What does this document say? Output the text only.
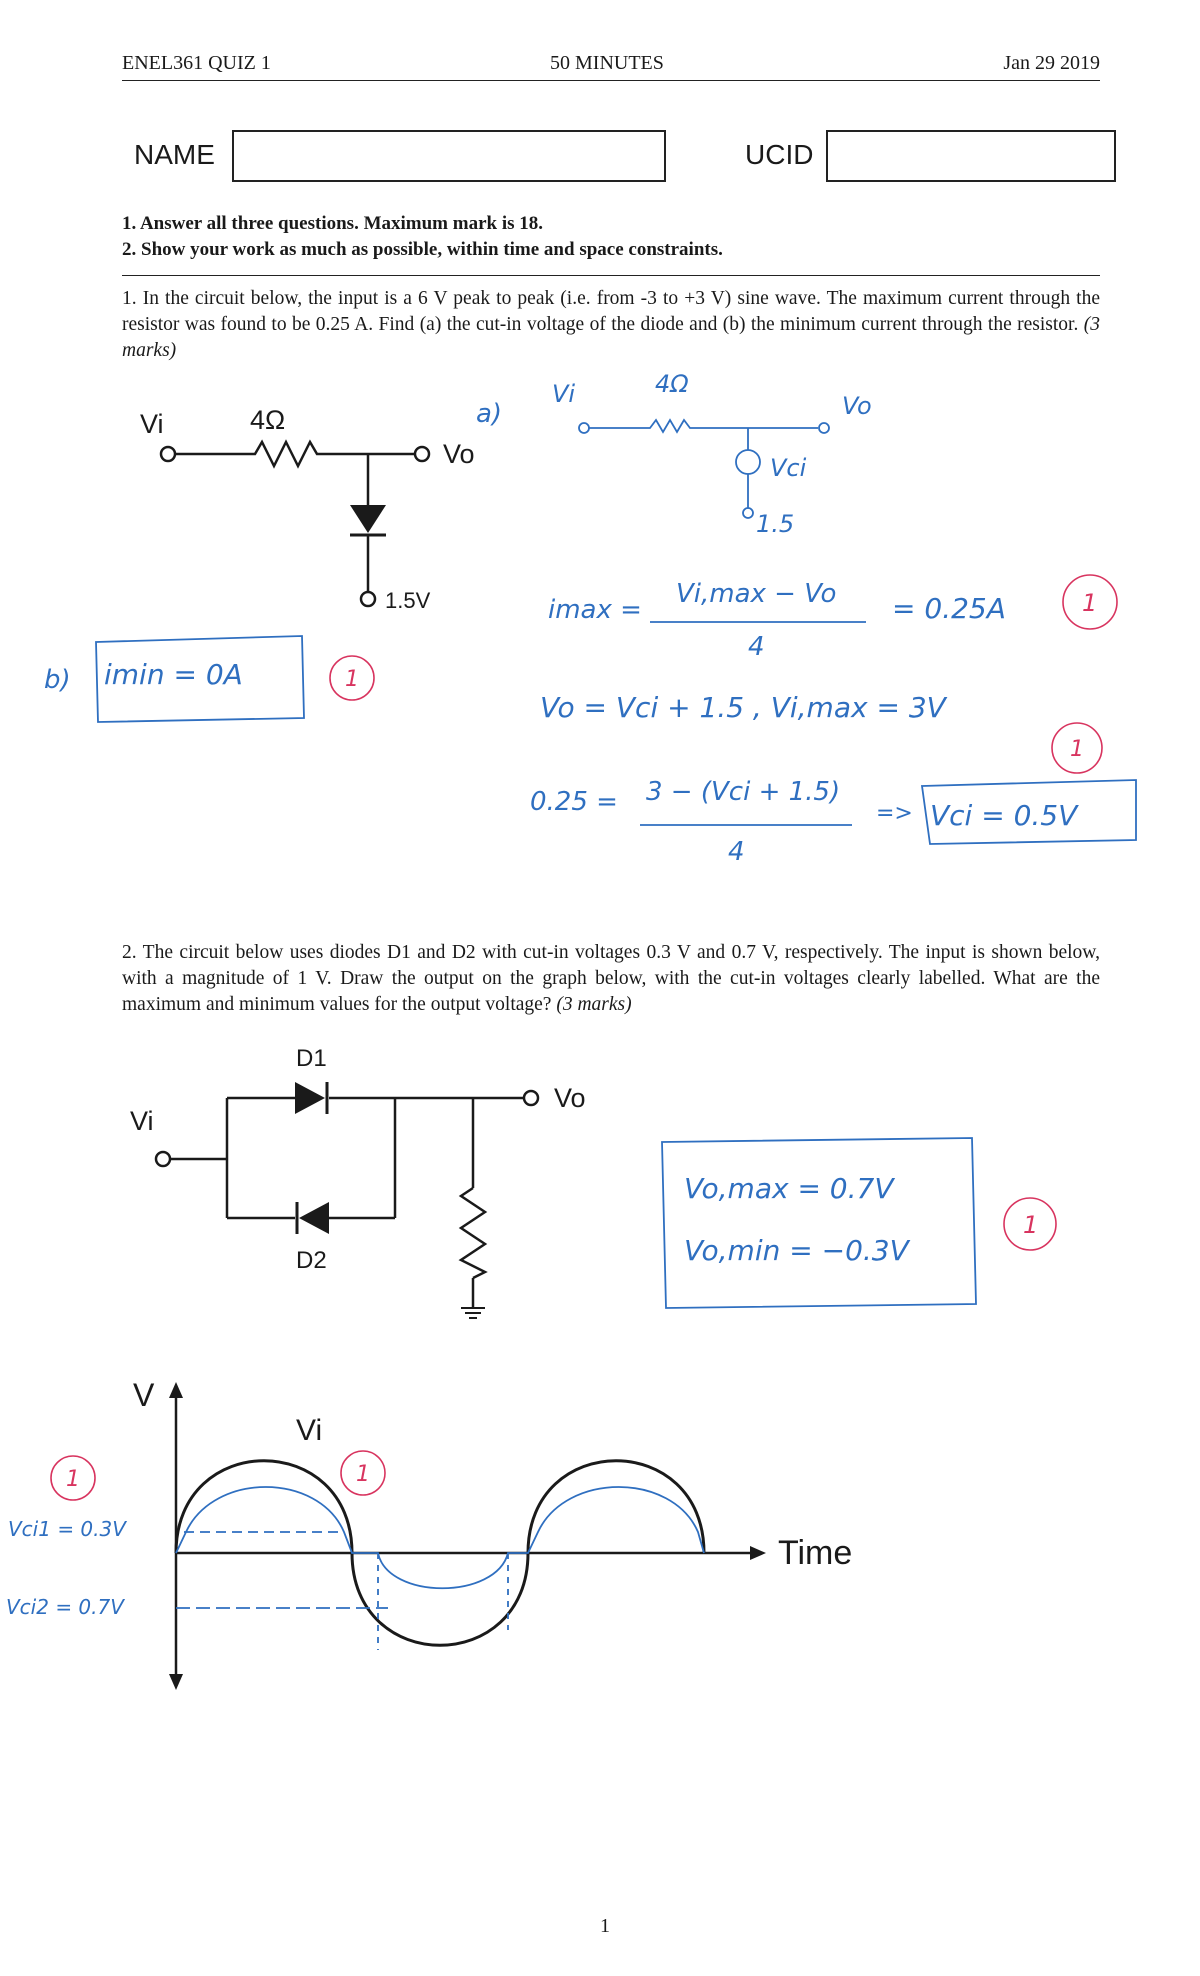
ENEL361 QUIZ 1	50 MINUTES	Jan 29 2019
NAME	UCID
1. Answer all three questions. Maximum mark is 18.
2. Show your work as much as possible, within time and space constraints.
1. In the circuit below, the input is a 6 V peak to peak (i.e. from -3 to +3 V) sine wave. The maximum current through the resistor was found to be 0.25 A. Find (a) the cut-in voltage of the diode and (b) the minimum current through the resistor. (3 marks)
Vi	4Ω
Vo
1.5V
a)
Vi	4Ω
Vo
Vci
1.5
imax =
Vi,max − Vo
4
= 0.25A
Vo = Vci + 1.5 , Vi,max = 3V
0.25 = 3 − (Vci + 1.5)
4
=> Vci = 0.5V
b) imin = 0A
1
1
1
2. The circuit below uses diodes D1 and D2 with cut-in voltages 0.3 V and 0.7 V, respectively. The input is shown below, with a magnitude of 1 V. Draw the output on the graph below, with the cut-in voltages clearly labelled. What are the maximum and minimum values for the output voltage? (3 marks)
D1
Vi
Vo
D2
Vo,max = 0.7V
Vo,min = −0.3V
1
V
Time
Vi
Vci1 = 0.3V
Vci2 = 0.7V
1	1
1
